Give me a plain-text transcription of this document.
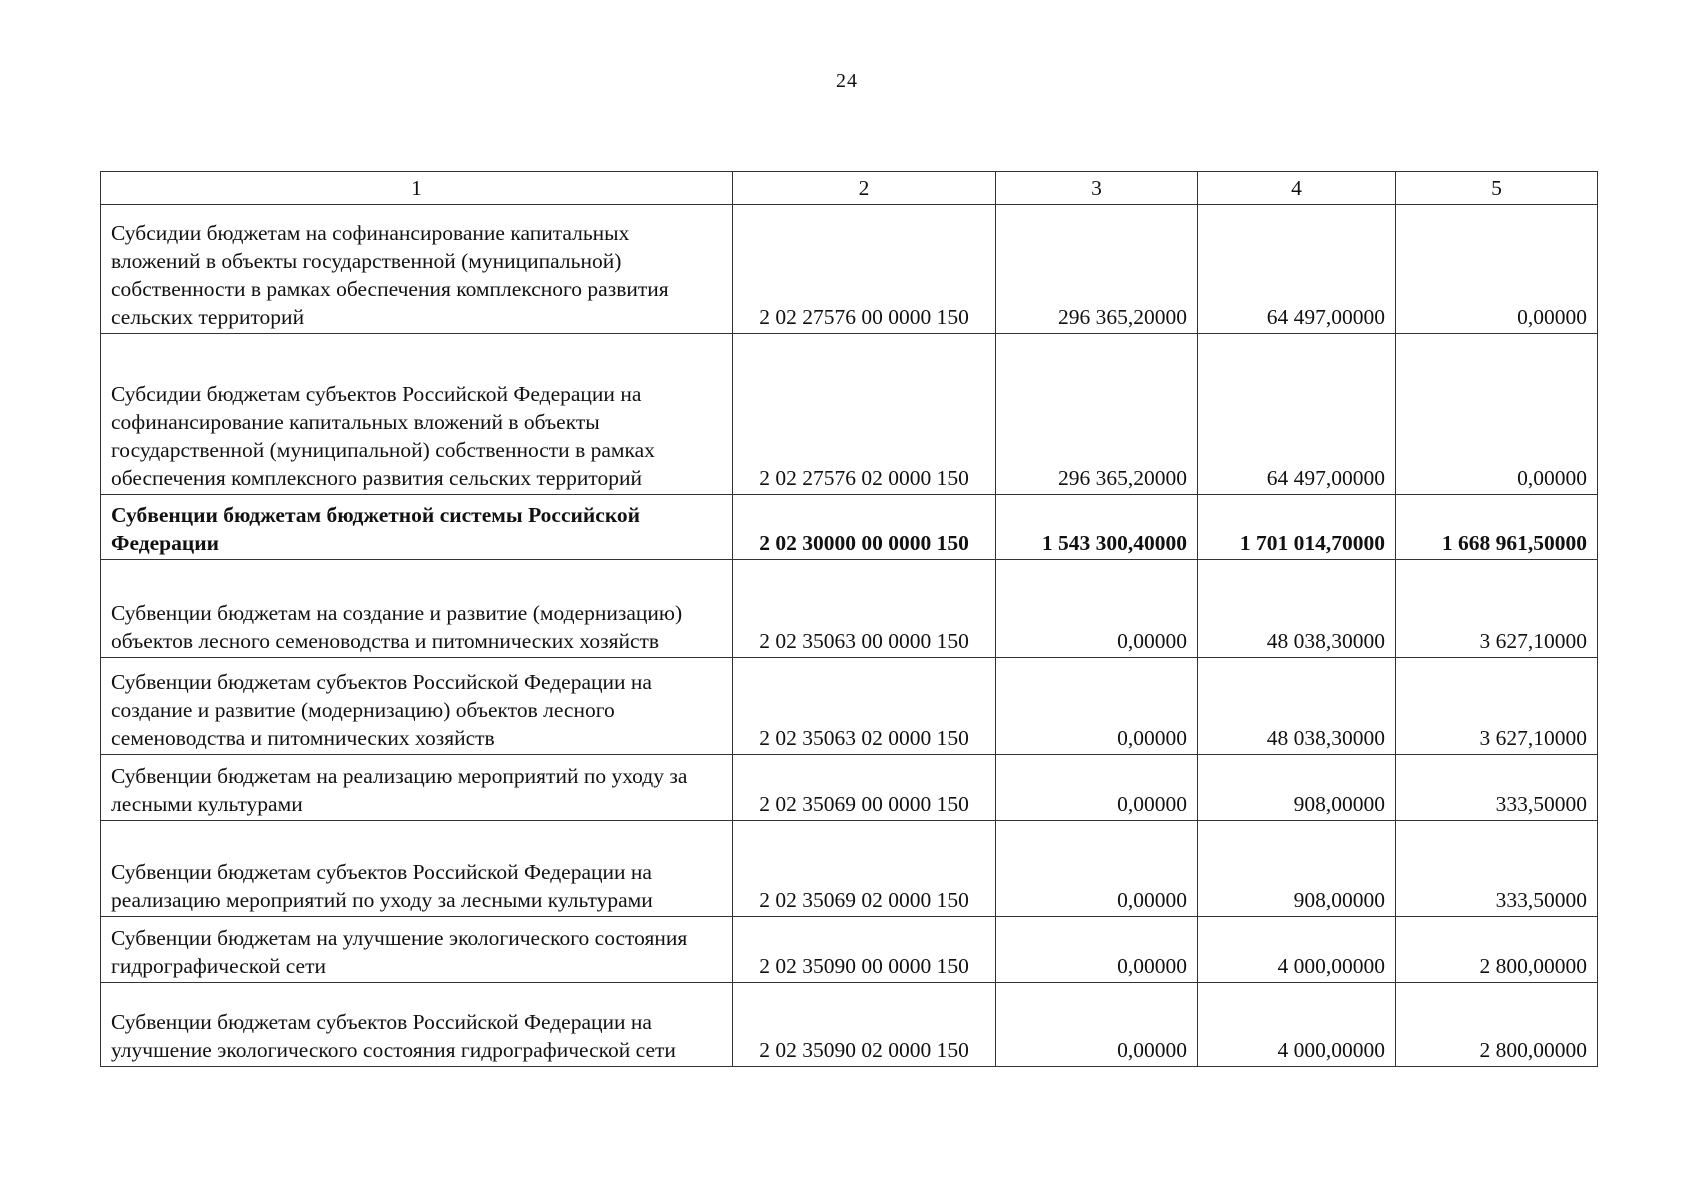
24
1	2	3	4	5
Субсидии бюджетам на софинансирование капитальных вложений в объекты государственной (муниципальной) собственности в рамках обеспечения комплексного развития сельских территорий	2 02 27576 00 0000 150	296 365,20000	64 497,00000	0,00000
Субсидии бюджетам субъектов Российской Федерации на софинансирование капитальных вложений в объекты государственной (муниципальной) собственности в рамках обеспечения комплексного развития сельских территорий	2 02 27576 02 0000 150	296 365,20000	64 497,00000	0,00000
Субвенции бюджетам бюджетной системы Российской Федерации	2 02 30000 00 0000 150	1 543 300,40000	1 701 014,70000	1 668 961,50000
Субвенции бюджетам на создание и развитие (модернизацию) объектов лесного семеноводства и питомнических хозяйств	2 02 35063 00 0000 150	0,00000	48 038,30000	3 627,10000
Субвенции бюджетам субъектов Российской Федерации на создание и развитие (модернизацию) объектов лесного семеноводства и питомнических хозяйств	2 02 35063 02 0000 150	0,00000	48 038,30000	3 627,10000
Субвенции бюджетам на реализацию мероприятий по уходу за лесными культурами	2 02 35069 00 0000 150	0,00000	908,00000	333,50000
Субвенции бюджетам субъектов Российской Федерации на реализацию мероприятий по уходу за лесными культурами	2 02 35069 02 0000 150	0,00000	908,00000	333,50000
Субвенции бюджетам на улучшение экологического состояния гидрографической сети	2 02 35090 00 0000 150	0,00000	4 000,00000	2 800,00000
Субвенции бюджетам субъектов Российской Федерации на улучшение экологического состояния гидрографической сети	2 02 35090 02 0000 150	0,00000	4 000,00000	2 800,00000
